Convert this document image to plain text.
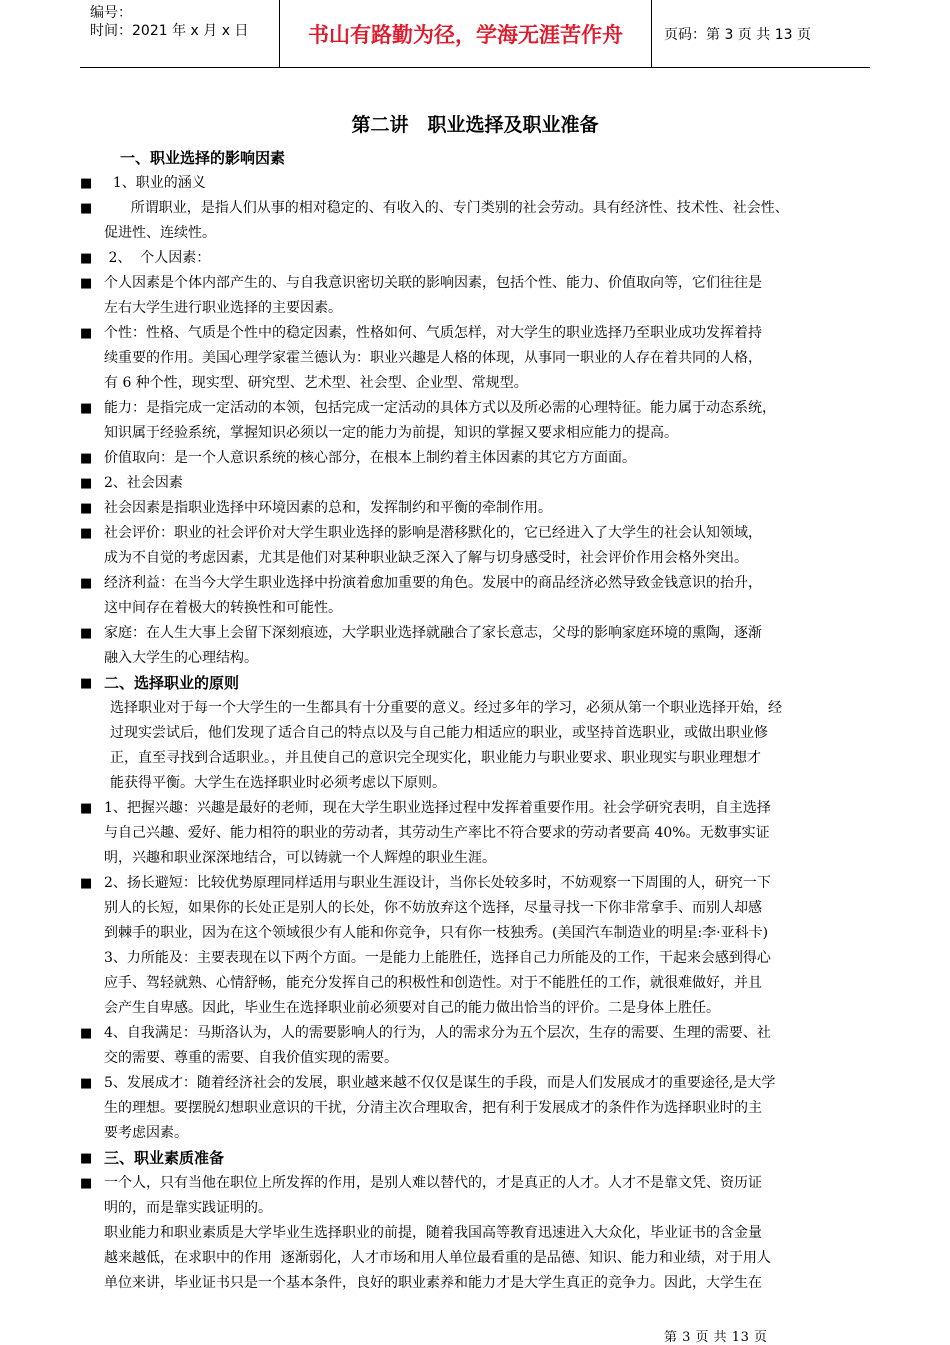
编号：
时间：2021 年 x 月 x 日	书山有路勤为径，学海无涯苦作舟	页码：第 3 页 共 13 页
第二讲　职业选择及职业准备
一、职业选择的影响因素
■ 1、职业的涵义
■ 所谓职业，是指人们从事的相对稳定的、有收入的、专门类别的社会劳动。具有经济性、技术性、社会性、
促进性、连续性。
■ 2、  个人因素：
■ 个人因素是个体内部产生的、与自我意识密切关联的影响因素，包括个性、能力、价值取向等，它们往往是
左右大学生进行职业选择的主要因素。
■ 个性：性格、气质是个性中的稳定因素，性格如何、气质怎样，对大学生的职业选择乃至职业成功发挥着持
续重要的作用。美国心理学家霍兰德认为：职业兴趣是人格的体现，从事同一职业的人存在着共同的人格，
有 6 种个性，现实型、研究型、艺术型、社会型、企业型、常规型。
■ 能力：是指完成一定活动的本领，包括完成一定活动的具体方式以及所必需的心理特征。能力属于动态系统，
知识属于经验系统，掌握知识必须以一定的能力为前提，知识的掌握又要求相应能力的提高。
■ 价值取向：是一个人意识系统的核心部分，在根本上制约着主体因素的其它方方面面。
■ 2、社会因素
■ 社会因素是指职业选择中环境因素的总和，发挥制约和平衡的牵制作用。
■ 社会评价：职业的社会评价对大学生职业选择的影响是潜移默化的，它已经进入了大学生的社会认知领域，
成为不自觉的考虑因素，尤其是他们对某种职业缺乏深入了解与切身感受时，社会评价作用会格外突出。
■ 经济利益：在当今大学生职业选择中扮演着愈加重要的角色。发展中的商品经济必然导致金钱意识的抬升，
这中间存在着极大的转换性和可能性。
■ 家庭：在人生大事上会留下深刻痕迹，大学职业选择就融合了家长意志，父母的影响家庭环境的熏陶，逐渐
融入大学生的心理结构。
■ 二、选择职业的原则
选择职业对于每一个大学生的一生都具有十分重要的意义。经过多年的学习，必须从第一个职业选择开始，经
过现实尝试后，他们发现了适合自己的特点以及与自己能力相适应的职业，或坚持首选职业，或做出职业修
正，直至寻找到合适职业。，并且使自己的意识完全现实化，职业能力与职业要求、职业现实与职业理想才
能获得平衡。大学生在选择职业时必须考虑以下原则。
■ 1、把握兴趣：兴趣是最好的老师，现在大学生职业选择过程中发挥着重要作用。社会学研究表明，自主选择
与自己兴趣、爱好、能力相符的职业的劳动者，其劳动生产率比不符合要求的劳动者要高 40%。无数事实证
明，兴趣和职业深深地结合，可以铸就一个人辉煌的职业生涯。
■ 2、扬长避短：比较优势原理同样适用与职业生涯设计，当你长处较多时，不妨观察一下周围的人，研究一下
别人的长短，如果你的长处正是别人的长处，你不妨放弃这个选择，尽量寻找一下你非常拿手、而别人却感
到棘手的职业，因为在这个领域很少有人能和你竞争，只有你一枝独秀。(美国汽车制造业的明星:李·亚科卡)
3、力所能及：主要表现在以下两个方面。一是能力上能胜任，选择自己力所能及的工作，干起来会感到得心
应手、驾轻就熟、心情舒畅，能充分发挥自己的积极性和创造性。对于不能胜任的工作，就很难做好，并且
会产生自卑感。因此，毕业生在选择职业前必须要对自己的能力做出恰当的评价。二是身体上胜任。
■ 4、自我满足：马斯洛认为，人的需要影响人的行为，人的需求分为五个层次，生存的需要、生理的需要、社
交的需要、尊重的需要、自我价值实现的需要。
■ 5、发展成才：随着经济社会的发展，职业越来越不仅仅是谋生的手段，而是人们发展成才的重要途径,是大学
生的理想。要摆脱幻想职业意识的干扰，分清主次合理取舍，把有利于发展成才的条件作为选择职业时的主
要考虑因素。
■ 三、职业素质准备
■ 一个人，只有当他在职位上所发挥的作用，是别人难以替代的，才是真正的人才。人才不是靠文凭、资历证
明的，而是靠实践证明的。
职业能力和职业素质是大学毕业生选择职业的前提，随着我国高等教育迅速进入大众化，毕业证书的含金量
越来越低，在求职中的作用  逐渐弱化，人才市场和用人单位最看重的是品德、知识、能力和业绩，对于用人
单位来讲，毕业证书只是一个基本条件，良好的职业素养和能力才是大学生真正的竞争力。因此，大学生在
第 3 页 共 13 页
